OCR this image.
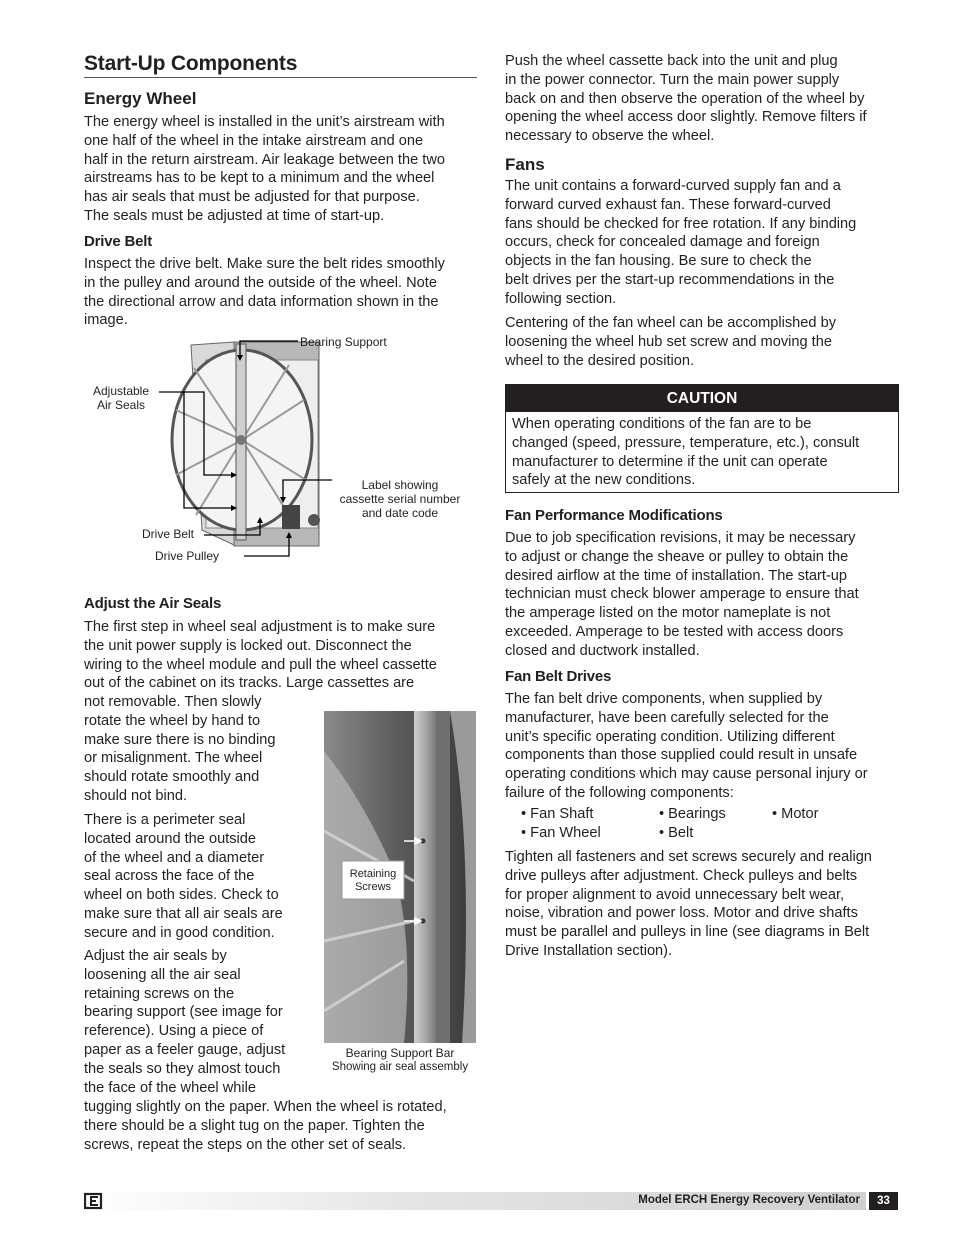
Start-Up Components
Energy Wheel
The energy wheel is installed in the unit’s airstream with
one half of the wheel in the intake airstream and one
half in the return airstream. Air leakage between the two
airstreams has to be kept to a minimum and the wheel
has air seals that must be adjusted for that purpose.
The seals must be adjusted at time of start-up.
Drive Belt
Inspect the drive belt. Make sure the belt rides smoothly
in the pulley and around the outside of the wheel. Note
the directional arrow and data information shown in the
image.
Bearing Support
Adjustable
Air Seals
Label showing
cassette serial number
and date code
Drive Belt
Drive Pulley
Adjust the Air Seals
The first step in wheel seal adjustment is to make sure
the unit power supply is locked out. Disconnect the
wiring to the wheel module and pull the wheel cassette
out of the cabinet on its tracks. Large cassettes are
not removable. Then slowly
rotate the wheel by hand to
make sure there is no binding
or misalignment. The wheel
should rotate smoothly and
should not bind.
There is a perimeter seal
located around the outside
of the wheel and a diameter
seal across the face of the
wheel on both sides. Check to
make sure that all air seals are
secure and in good condition.
Adjust the air seals by
loosening all the air seal
retaining screws on the
bearing support (see image for
reference). Using a piece of
paper as a feeler gauge, adjust
the seals so they almost touch
the face of the wheel while
tugging slightly on the paper. When the wheel is rotated,
there should be a slight tug on the paper. Tighten the
screws, repeat the steps on the other set of seals.
Retaining
Screws
Bearing Support Bar
Showing air seal assembly
Push the wheel cassette back into the unit and plug
in the power connector. Turn the main power supply
back on and then observe the operation of the wheel by
opening the wheel access door slightly. Remove filters if
necessary to observe the wheel.
Fans
The unit contains a forward-curved supply fan and a
forward curved exhaust fan. These forward-curved
fans should be checked for free rotation. If any binding
occurs, check for concealed damage and foreign
objects in the fan housing. Be sure to check the
belt drives per the start-up recommendations in the
following section.
Centering of the fan wheel can be accomplished by
loosening the wheel hub set screw and moving the
wheel to the desired position.
CAUTION
When operating conditions of the fan are to be
changed (speed, pressure, temperature, etc.), consult
manufacturer to determine if the unit can operate
safely at the new conditions.
Fan Performance Modifications
Due to job specification revisions, it may be necessary
to adjust or change the sheave or pulley to obtain the
desired airflow at the time of installation. The start-up
technician must check blower amperage to ensure that
the amperage listed on the motor nameplate is not
exceeded. Amperage to be tested with access doors
closed and ductwork installed.
Fan Belt Drives
The fan belt drive components, when supplied by
manufacturer, have been carefully selected for the
unit’s specific operating condition. Utilizing different
components than those supplied could result in unsafe
operating conditions which may cause personal injury or
failure of the following components:
• Fan Shaft	• Bearings	• Motor
• Fan Wheel	• Belt
Tighten all fasteners and set screws securely and realign
drive pulleys after adjustment. Check pulleys and belts
for proper alignment to avoid unnecessary belt wear,
noise, vibration and power loss. Motor and drive shafts
must be parallel and pulleys in line (see diagrams in Belt
Drive Installation section).
Model ERCH Energy Recovery Ventilator	33
